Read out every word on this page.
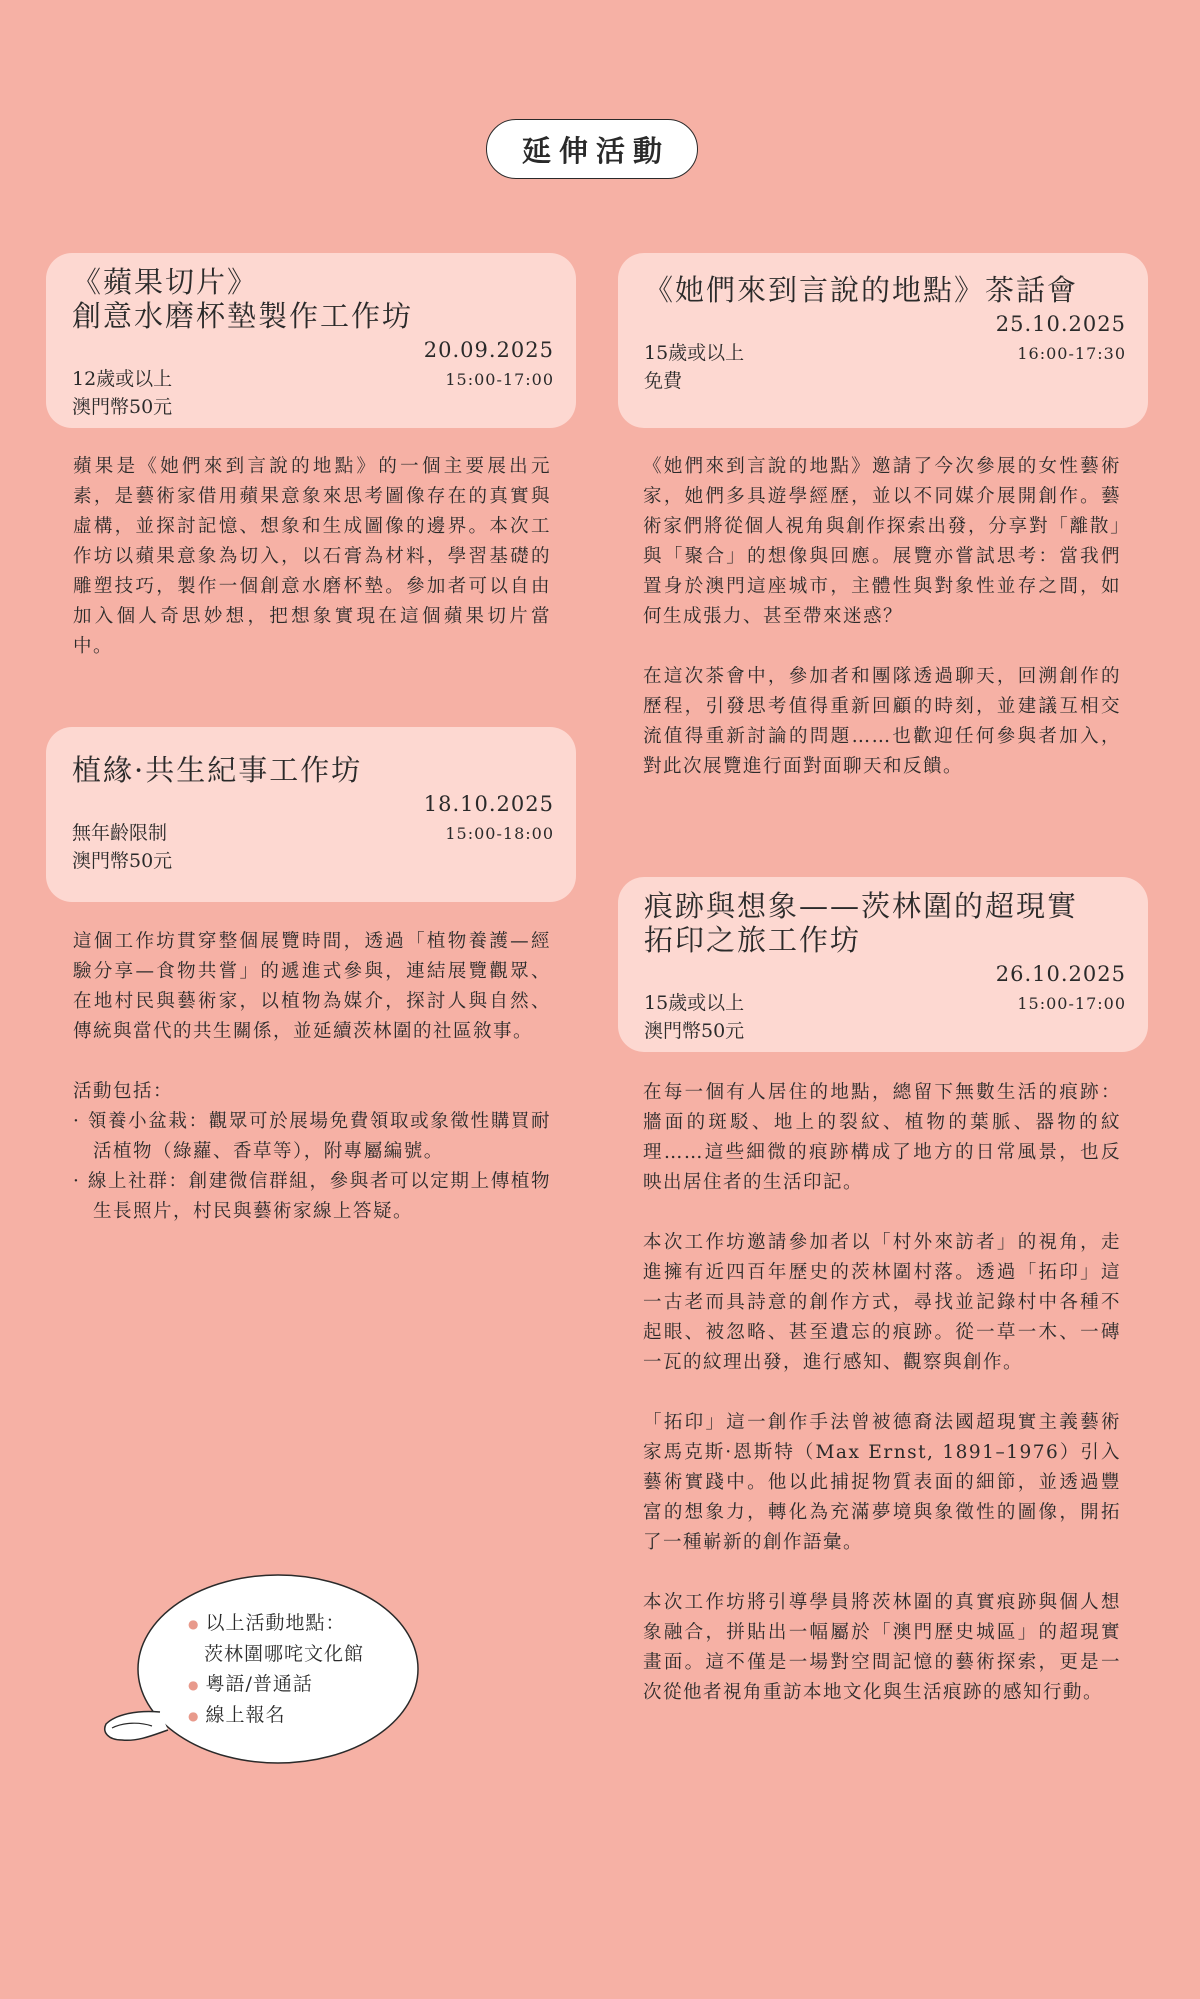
延伸活動
《蘋果切片》
創意水磨杯墊製作工作坊
20.09.2025
12歲或以上	15:00-17:00
澳門幣50元

蘋果是《她們來到言說的地點》的一個主要展出元素，是藝術家借用蘋果意象來思考圖像存在的真實與虛構，並探討記憶、想象和生成圖像的邊界。本次工作坊以蘋果意象為切入，以石膏為材料，學習基礎的雕塑技巧，製作一個創意水磨杯墊。參加者可以自由加入個人奇思妙想，把想象實現在這個蘋果切片當中。

植緣·共生紀事工作坊
18.10.2025
無年齡限制	15:00-18:00
澳門幣50元

這個工作坊貫穿整個展覽時間，透過「植物養護—經驗分享—食物共嘗」的遞進式參與，連結展覽觀眾、在地村民與藝術家，以植物為媒介，探討人與自然、傳統與當代的共生關係，並延續茨林圍的社區敘事。

活動包括：
· 領養小盆栽：觀眾可於展場免費領取或象徵性購買耐活植物（綠蘿、香草等），附專屬編號。
· 線上社群：創建微信群組，參與者可以定期上傳植物生長照片，村民與藝術家線上答疑。

《她們來到言說的地點》茶話會
25.10.2025
15歲或以上	16:00-17:30
免費

《她們來到言說的地點》邀請了今次參展的女性藝術家，她們多具遊學經歷，並以不同媒介展開創作。藝術家們將從個人視角與創作探索出發，分享對「離散」與「聚合」的想像與回應。展覽亦嘗試思考：當我們置身於澳門這座城市，主體性與對象性並存之間，如何生成張力、甚至帶來迷惑？

在這次茶會中，參加者和團隊透過聊天，回溯創作的歷程，引發思考值得重新回顧的時刻，並建議互相交流值得重新討論的問題……也歡迎任何參與者加入，對此次展覽進行面對面聊天和反饋。

痕跡與想象——茨林圍的超現實
拓印之旅工作坊
26.10.2025
15歲或以上	15:00-17:00
澳門幣50元

在每一個有人居住的地點，總留下無數生活的痕跡：牆面的斑駁、地上的裂紋、植物的葉脈、器物的紋理……這些細微的痕跡構成了地方的日常風景，也反映出居住者的生活印記。

本次工作坊邀請參加者以「村外來訪者」的視角，走進擁有近四百年歷史的茨林圍村落。透過「拓印」這一古老而具詩意的創作方式，尋找並記錄村中各種不起眼、被忽略、甚至遺忘的痕跡。從一草一木、一磚一瓦的紋理出發，進行感知、觀察與創作。

「拓印」這一創作手法曾被德裔法國超現實主義藝術家馬克斯·恩斯特（Max Ernst, 1891–1976）引入藝術實踐中。他以此捕捉物質表面的細節，並透過豐富的想象力，轉化為充滿夢境與象徵性的圖像，開拓了一種嶄新的創作語彙。

本次工作坊將引導學員將茨林圍的真實痕跡與個人想象融合，拼貼出一幅屬於「澳門歷史城區」的超現實畫面。這不僅是一場對空間記憶的藝術探索，更是一次從他者視角重訪本地文化與生活痕跡的感知行動。

● 以上活動地點：
茨林圍哪咤文化館
● 粵語/普通話
● 線上報名
